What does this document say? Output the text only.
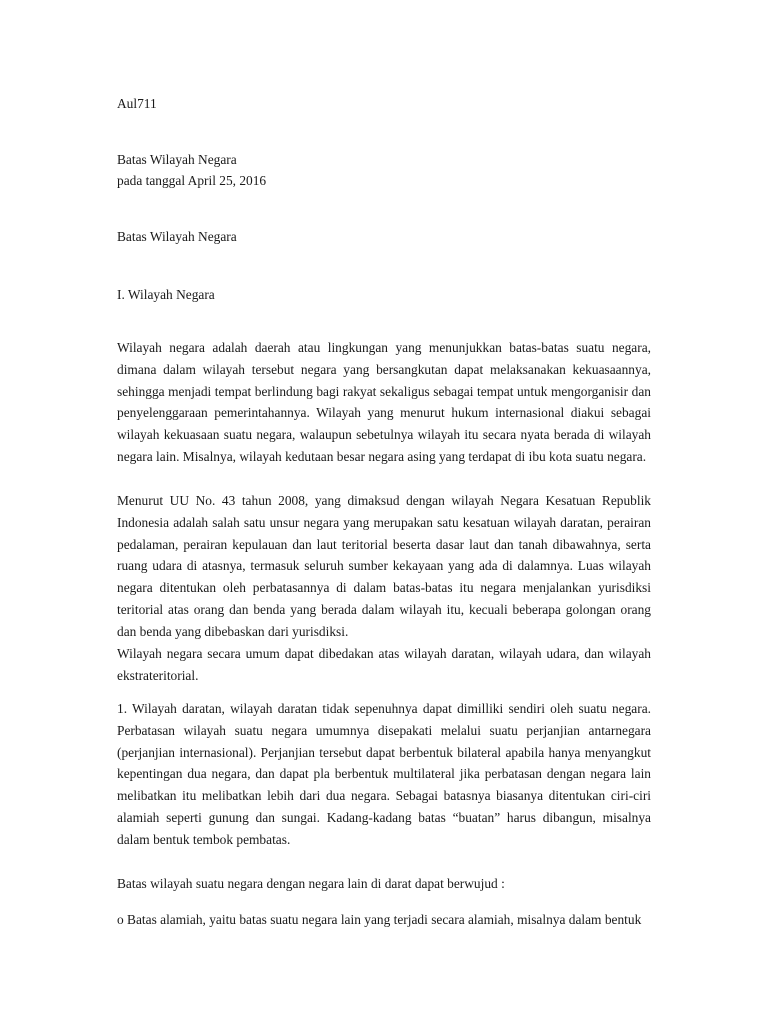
Aul711
Batas Wilayah Negara
pada tanggal April 25, 2016
Batas Wilayah Negara
I. Wilayah Negara

Wilayah negara adalah daerah atau lingkungan yang menunjukkan batas-batas suatu negara, dimana dalam wilayah tersebut negara yang bersangkutan dapat melaksanakan kekuasaannya, sehingga menjadi tempat berlindung bagi rakyat sekaligus sebagai tempat untuk mengorganisir dan penyelenggaraan pemerintahannya. Wilayah yang menurut hukum internasional diakui sebagai wilayah kekuasaan suatu negara, walaupun sebetulnya wilayah itu secara nyata berada di wilayah negara lain. Misalnya, wilayah kedutaan besar negara asing yang terdapat di ibu kota suatu negara.

Menurut UU No. 43 tahun 2008, yang dimaksud dengan wilayah Negara Kesatuan Republik Indonesia adalah salah satu unsur negara yang merupakan satu kesatuan wilayah daratan, perairan pedalaman, perairan kepulauan dan laut teritorial beserta dasar laut dan tanah dibawahnya, serta ruang udara di atasnya, termasuk seluruh sumber kekayaan yang ada di dalamnya. Luas wilayah negara ditentukan oleh perbatasannya di dalam batas-batas itu negara menjalankan yurisdiksi teritorial atas orang dan benda yang berada dalam wilayah itu, kecuali beberapa golongan orang dan benda yang dibebaskan dari yurisdiksi.

Wilayah negara secara umum dapat dibedakan atas wilayah daratan, wilayah udara, dan wilayah ekstrateritorial.

1. Wilayah daratan, wilayah daratan tidak sepenuhnya dapat dimilliki sendiri oleh suatu negara. Perbatasan wilayah suatu negara umumnya disepakati melalui suatu perjanjian antarnegara (perjanjian internasional). Perjanjian tersebut dapat berbentuk bilateral apabila hanya menyangkut kepentingan dua negara, dan dapat pla berbentuk multilateral jika perbatasan dengan negara lain melibatkan itu melibatkan lebih dari dua negara. Sebagai batasnya biasanya ditentukan ciri-ciri alamiah seperti gunung dan sungai. Kadang-kadang batas “buatan” harus dibangun, misalnya dalam bentuk tembok pembatas.

Batas wilayah suatu negara dengan negara lain di darat dapat berwujud :
o Batas alamiah, yaitu batas suatu negara lain yang terjadi secara alamiah, misalnya dalam bentuk
